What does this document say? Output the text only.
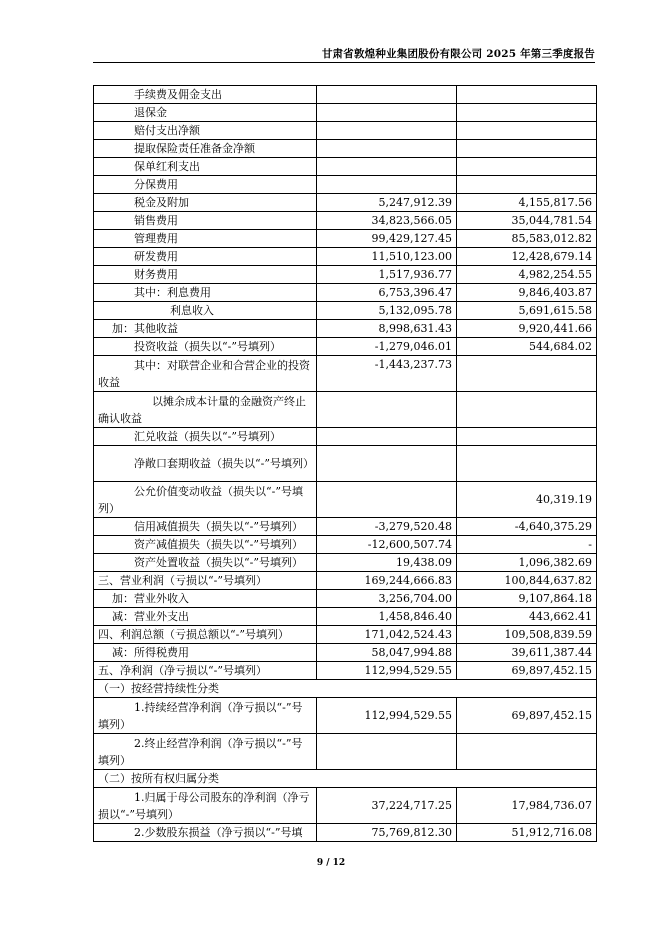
甘肃省敦煌种业集团股份有限公司 2025 年第三季度报告
手续费及佣金支出		
退保金		
赔付支出净额		
提取保险责任准备金净额		
保单红利支出		
分保费用		
税金及附加	5,247,912.39	4,155,817.56
销售费用	34,823,566.05	35,044,781.54
管理费用	99,429,127.45	85,583,012.82
研发费用	11,510,123.00	12,428,679.14
财务费用	1,517,936.77	4,982,254.55
其中：利息费用	6,753,396.47	9,846,403.87
利息收入	5,132,095.78	5,691,615.58
加：其他收益	8,998,631.43	9,920,441.66
投资收益（损失以“-”号填列）	-1,279,046.01	544,684.02
其中：对联营企业和合营企业的投资收益	-1,443,237.73	
以摊余成本计量的金融资产终止确认收益		
汇兑收益（损失以“-”号填列）		
净敞口套期收益（损失以“-”号填列）		
公允价值变动收益（损失以“-”号填列）		40,319.19
信用减值损失（损失以“-”号填列）	-3,279,520.48	-4,640,375.29
资产减值损失（损失以“-”号填列）	-12,600,507.74	-
资产处置收益（损失以“-”号填列）	19,438.09	1,096,382.69
三、营业利润（亏损以“-”号填列）	169,244,666.83	100,844,637.82
加：营业外收入	3,256,704.00	9,107,864.18
减：营业外支出	1,458,846.40	443,662.41
四、利润总额（亏损总额以“-”号填列）	171,042,524.43	109,508,839.59
减：所得税费用	58,047,994.88	39,611,387.44
五、净利润（净亏损以“-”号填列）	112,994,529.55	69,897,452.15
（一）按经营持续性分类		
1.持续经营净利润（净亏损以“-”号填列）	112,994,529.55	69,897,452.15
2.终止经营净利润（净亏损以“-”号填列）		
（二）按所有权归属分类		
1.归属于母公司股东的净利润（净亏损以“-”号填列）	37,224,717.25	17,984,736.07
2.少数股东损益（净亏损以“-”号填	75,769,812.30	51,912,716.08
9 / 12
